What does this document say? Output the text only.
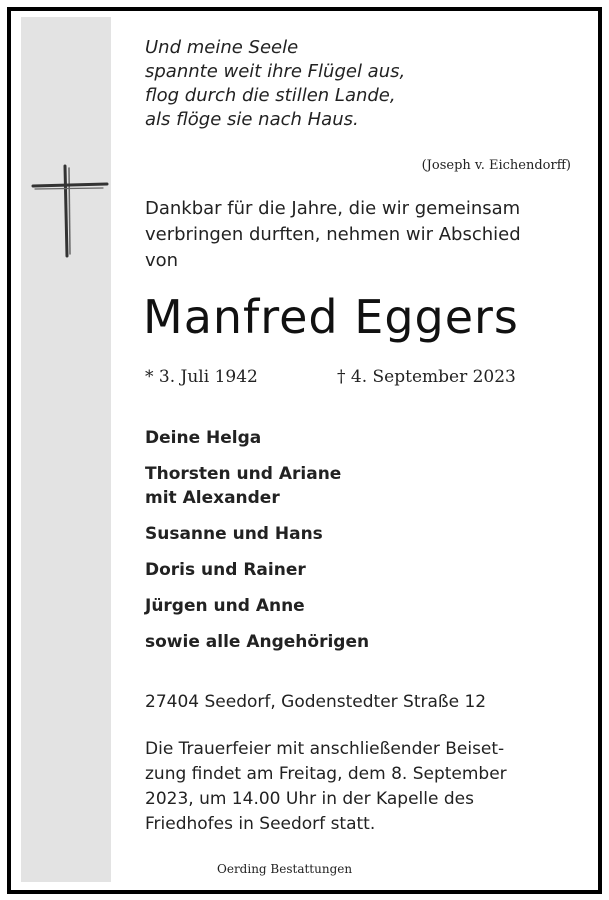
Und meine Seele
spannte weit ihre Flügel aus,
flog durch die stillen Lande,
als flöge sie nach Haus.
(Joseph v. Eichendorff)
Dankbar für die Jahre, die wir gemeinsam
verbringen durften, nehmen wir Abschied
von
Manfred Eggers
* 3. Juli 1942	† 4. September 2023
Deine Helga
Thorsten und Ariane
mit Alexander
Susanne und Hans
Doris und Rainer
Jürgen und Anne
sowie alle Angehörigen
27404 Seedorf, Godenstedter Straße 12
Die Trauerfeier mit anschließender Beiset-
zung findet am Freitag, dem 8. September
2023, um 14.00 Uhr in der Kapelle des
Friedhofes in Seedorf statt.
Oerding Bestattungen
